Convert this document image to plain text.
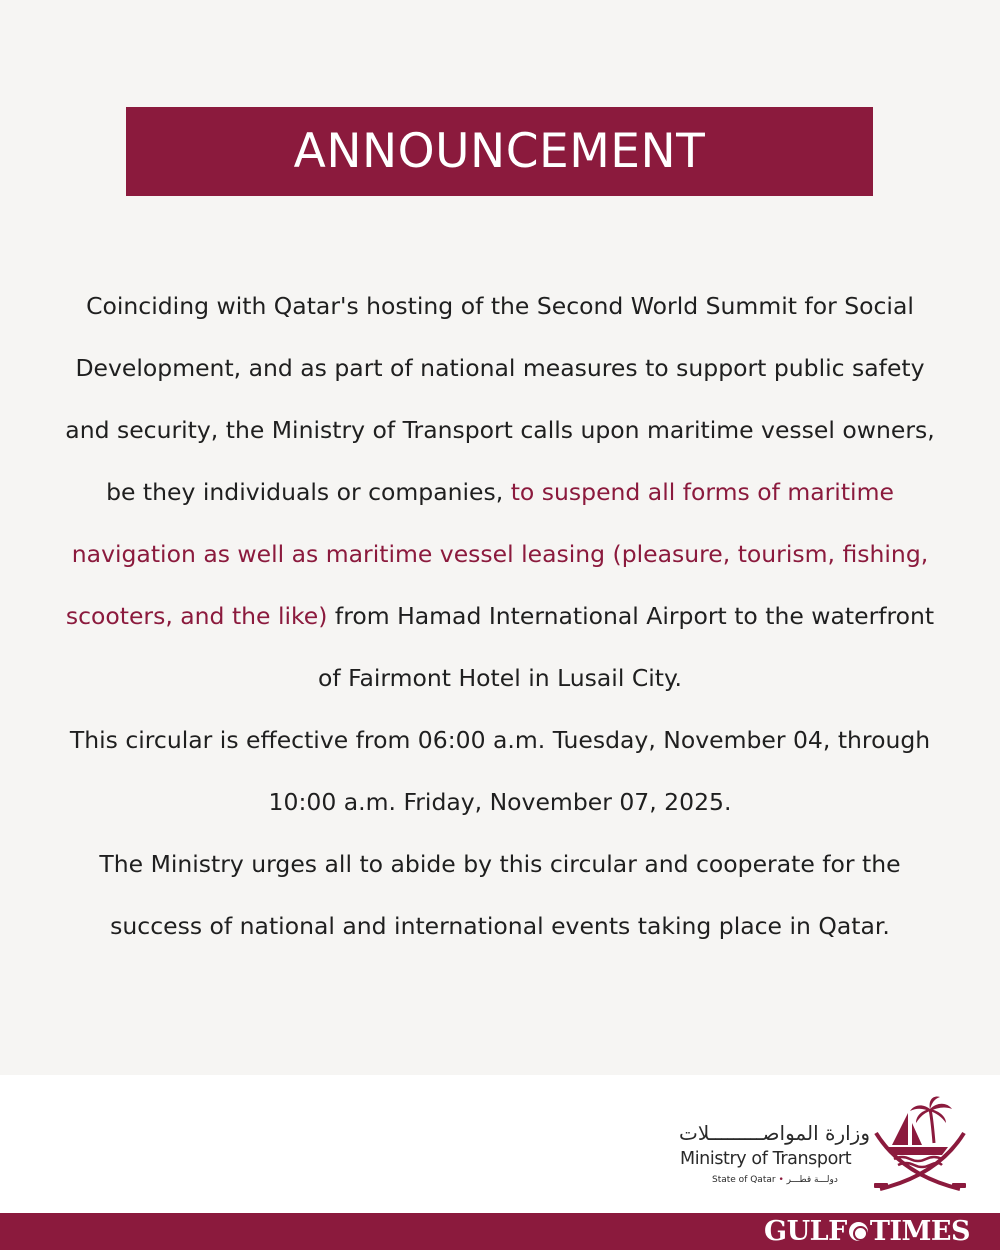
ANNOUNCEMENT

Coinciding with Qatar's hosting of the Second World Summit for Social Development, and as part of national measures to support public safety and security, the Ministry of Transport calls upon maritime vessel owners, be they individuals or companies, to suspend all forms of maritime navigation as well as maritime vessel leasing (pleasure, tourism, fishing, scooters, and the like) from Hamad International Airport to the waterfront of Fairmont Hotel in Lusail City.

This circular is effective from 06:00 a.m. Tuesday, November 04, through 10:00 a.m. Friday, November 07, 2025.

The Ministry urges all to abide by this circular and cooperate for the success of national and international events taking place in Qatar.

وزارة المواصـــــــــلات
Ministry of Transport
State of Qatar • دولـــة قطـــر
GULF TIMES
